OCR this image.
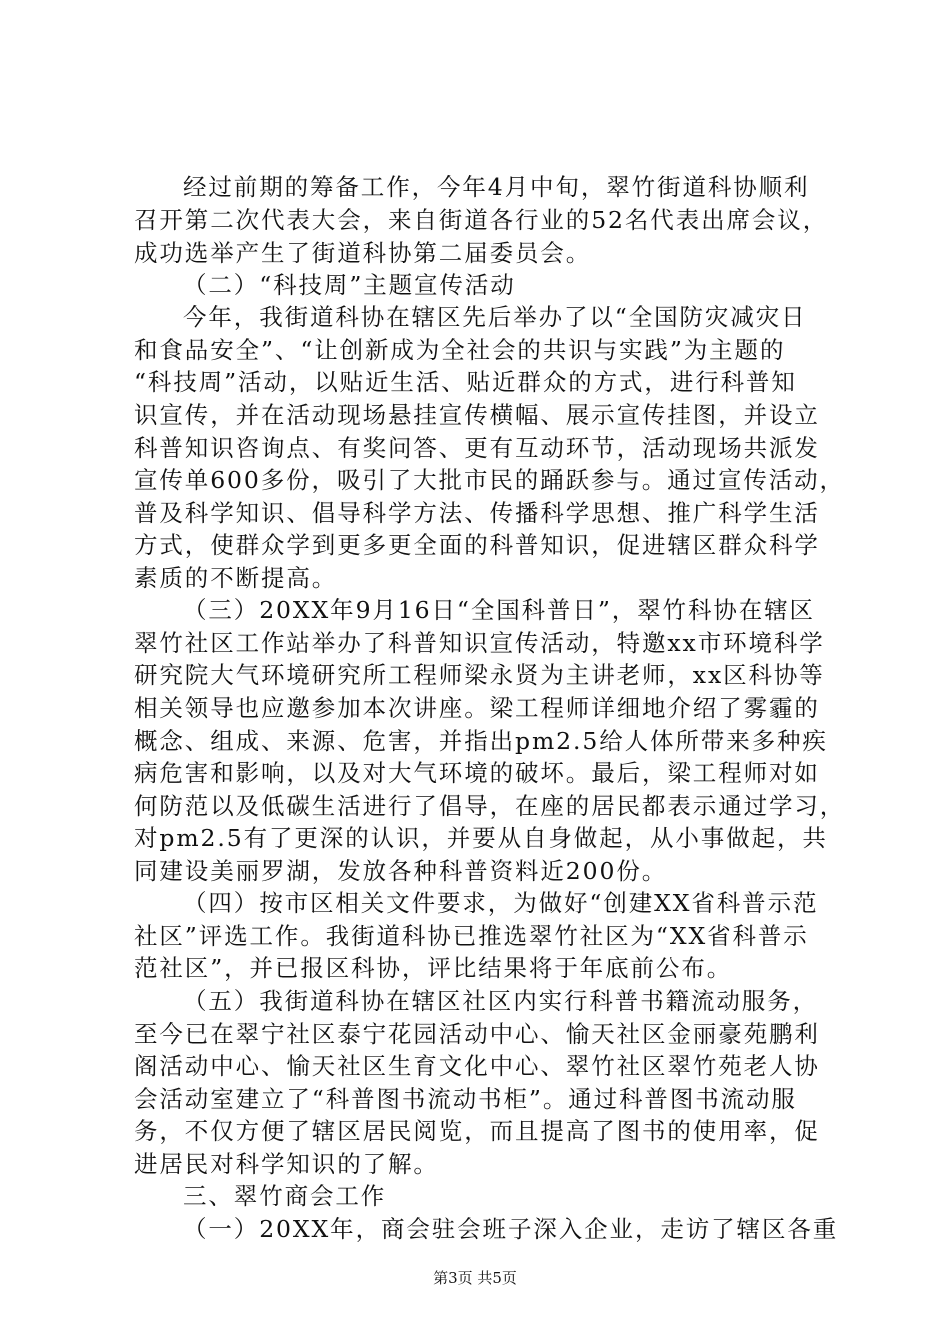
经过前期的筹备工作，今年4月中旬，翠竹街道科协顺利
召开第二次代表大会，来自街道各行业的52名代表出席会议，
成功选举产生了街道科协第二届委员会。
（二）“科技周”主题宣传活动
今年，我街道科协在辖区先后举办了以“全国防灾减灾日
和食品安全”、“让创新成为全社会的共识与实践”为主题的
“科技周”活动，以贴近生活、贴近群众的方式，进行科普知
识宣传，并在活动现场悬挂宣传横幅、展示宣传挂图，并设立
科普知识咨询点、有奖问答、更有互动环节，活动现场共派发
宣传单600多份，吸引了大批市民的踊跃参与。通过宣传活动，
普及科学知识、倡导科学方法、传播科学思想、推广科学生活
方式，使群众学到更多更全面的科普知识，促进辖区群众科学
素质的不断提高。
（三）20XX年9月16日“全国科普日”，翠竹科协在辖区
翠竹社区工作站举办了科普知识宣传活动，特邀xx市环境科学
研究院大气环境研究所工程师梁永贤为主讲老师，xx区科协等
相关领导也应邀参加本次讲座。梁工程师详细地介绍了雾霾的
概念、组成、来源、危害，并指出pm2.5给人体所带来多种疾
病危害和影响，以及对大气环境的破坏。最后，梁工程师对如
何防范以及低碳生活进行了倡导，在座的居民都表示通过学习，
对pm2.5有了更深的认识，并要从自身做起，从小事做起，共
同建设美丽罗湖，发放各种科普资料近200份。
（四）按市区相关文件要求，为做好“创建XX省科普示范
社区”评选工作。我街道科协已推选翠竹社区为“XX省科普示
范社区”，并已报区科协，评比结果将于年底前公布。
（五）我街道科协在辖区社区内实行科普书籍流动服务，
至今已在翠宁社区泰宁花园活动中心、愉天社区金丽豪苑鹏利
阁活动中心、愉天社区生育文化中心、翠竹社区翠竹苑老人协
会活动室建立了“科普图书流动书柜”。通过科普图书流动服
务，不仅方便了辖区居民阅览，而且提高了图书的使用率，促
进居民对科学知识的了解。
三、翠竹商会工作
（一）20XX年，商会驻会班子深入企业，走访了辖区各重
第3页 共5页
